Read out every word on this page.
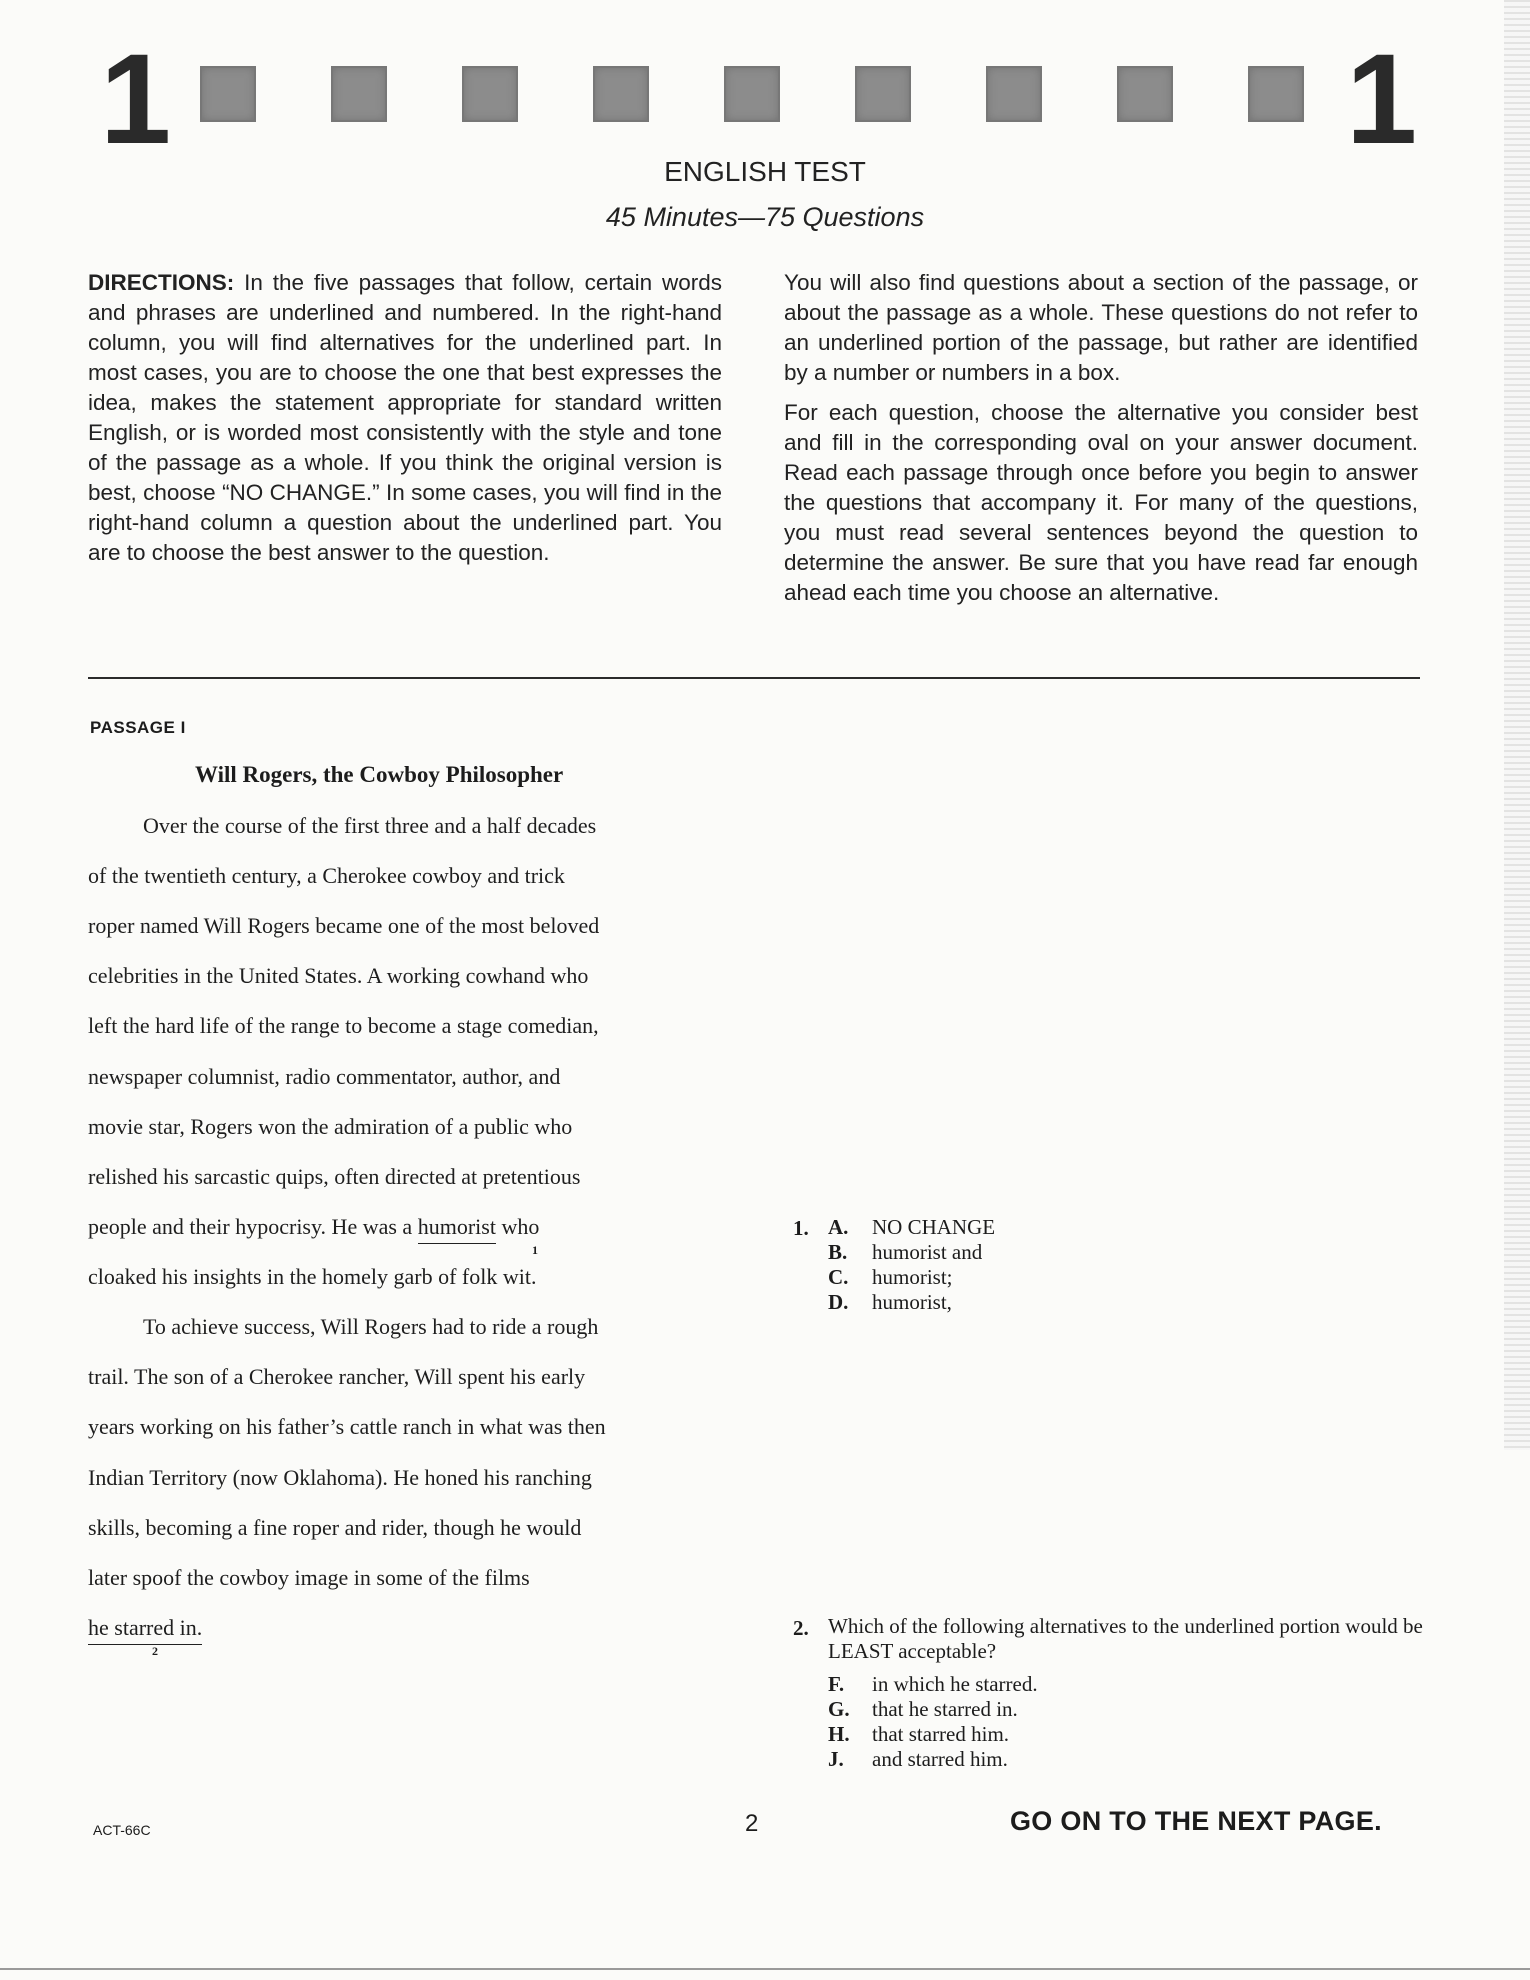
1	1
ENGLISH TEST
45 Minutes—75 Questions

DIRECTIONS: In the five passages that follow, certain words and phrases are underlined and numbered. In the right-hand column, you will find alternatives for the underlined part. In most cases, you are to choose the one that best expresses the idea, makes the statement appropriate for standard written English, or is worded most consistently with the style and tone of the passage as a whole. If you think the original version is best, choose “NO CHANGE.” In some cases, you will find in the right-hand column a question about the underlined part. You are to choose the best answer to the question.

You will also find questions about a section of the passage, or about the passage as a whole. These questions do not refer to an underlined portion of the passage, but rather are identified by a number or numbers in a box.

For each question, choose the alternative you consider best and fill in the corresponding oval on your answer document. Read each passage through once before you begin to answer the questions that accompany it. For many of the questions, you must read several sentences beyond the question to determine the answer. Be sure that you have read far enough ahead each time you choose an alternative.

PASSAGE I
Will Rogers, the Cowboy Philosopher
Over the course of the first three and a half decades
of the twentieth century, a Cherokee cowboy and trick
roper named Will Rogers became one of the most beloved
celebrities in the United States. A working cowhand who
left the hard life of the range to become a stage comedian,
newspaper columnist, radio commentator, author, and
movie star, Rogers won the admiration of a public who
relished his sarcastic quips, often directed at pretentious
people and their hypocrisy. He was a humorist who
1
cloaked his insights in the homely garb of folk wit.
To achieve success, Will Rogers had to ride a rough
trail. The son of a Cherokee rancher, Will spent his early
years working on his father’s cattle ranch in what was then
Indian Territory (now Oklahoma). He honed his ranching
skills, becoming a fine roper and rider, though he would
later spoof the cowboy image in some of the films
he starred in.
2
1. A. NO CHANGE
B. humorist and
C. humorist;
D. humorist,
2. Which of the following alternatives to the underlined portion would be LEAST acceptable?
F. in which he starred.
G. that he starred in.
H. that starred him.
J. and starred him.
ACT-66C	2	GO ON TO THE NEXT PAGE.
